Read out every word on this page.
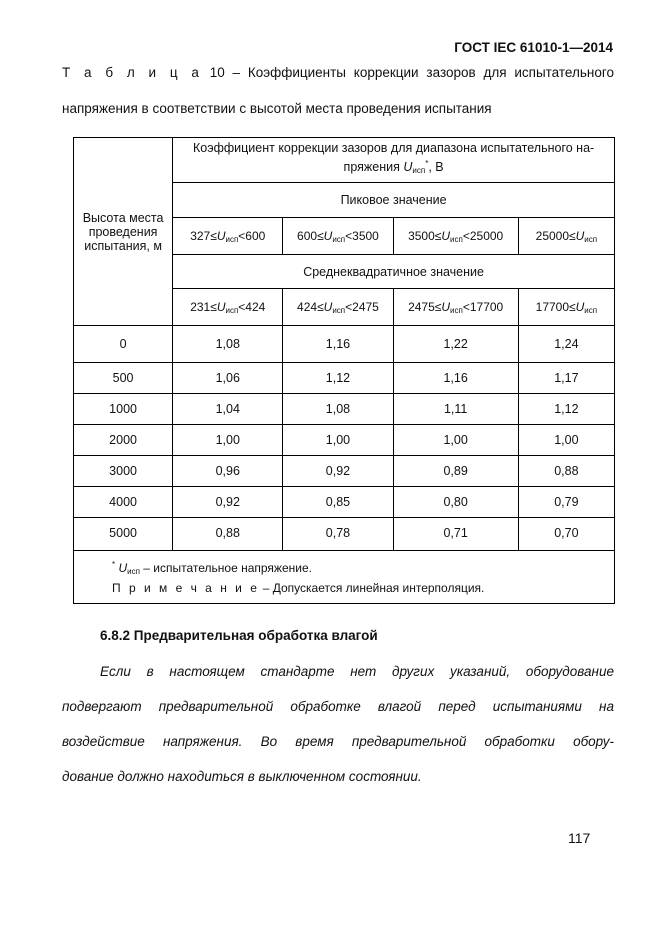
ГОСТ IEC 61010-1—2014
Т а б л и ц а 10 – Коэффициенты коррекции зазоров для испытательного
напряжения в соответствии с высотой места проведения испытания
Высота места проведения испытания, м	Коэффициент коррекции зазоров для диапазона испытательного на-пряжения $U_{исп}^*$, В			
	Пиковое значение			
	$327\le U_{исп}<600$	$600\le U_{исп}<3500$	$3500\le U_{исп}<25000$	$25000\le U_{исп}$
	Среднеквадратичное значение			
	$231\le U_{исп}<424$	$424\le U_{исп}<2475$	$2475\le U_{исп}<17700$	$17700\le U_{исп}$
0	1,08	1,16	1,22	1,24
500	1,06	1,12	1,16	1,17
1000	1,04	1,08	1,11	1,12
2000	1,00	1,00	1,00	1,00
3000	0,96	0,92	0,89	0,88
4000	0,92	0,85	0,80	0,79
5000	0,88	0,78	0,71	0,70

* $U_{исп}$ – испытательное напряжение.
П р и м е ч а н и е – Допускается линейная интерполяция.				
6.8.2 Предварительная обработка влагой
Если в настоящем стандарте нет других указаний, оборудование
подвергают предварительной обработке влагой перед испытаниями на
воздействие напряжения. Во время предварительной обработки обору-
дование должно находиться в выключенном состоянии.
117
